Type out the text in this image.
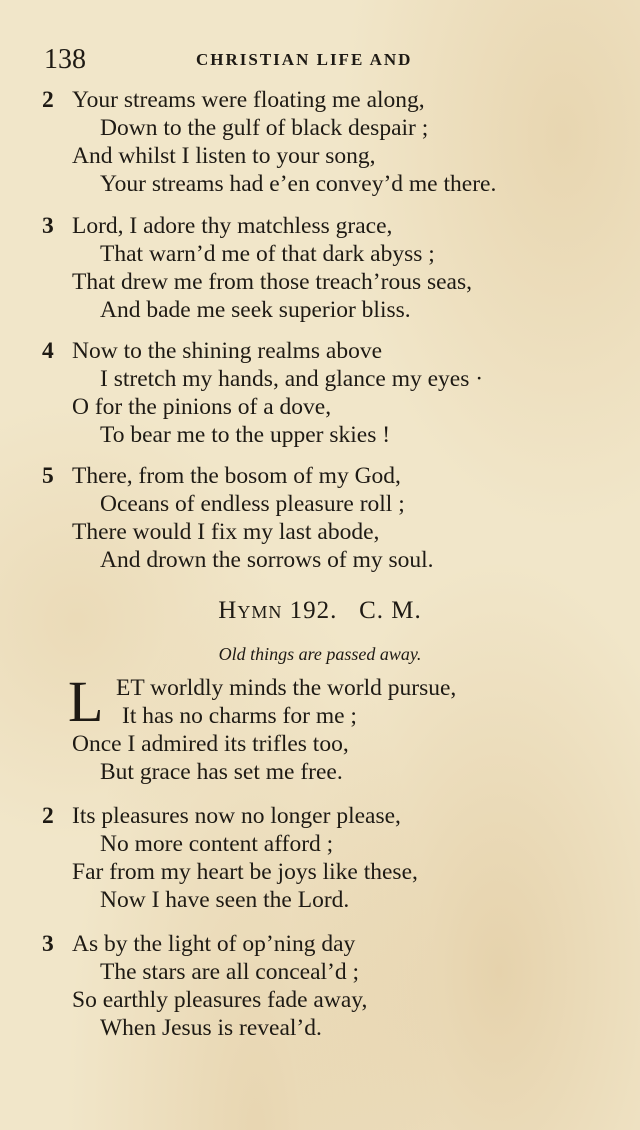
138	CHRISTIAN LIFE AND
2 Your streams were floating me along,
Down to the gulf of black despair ;
And whilst I listen to your song,
Your streams had e’en convey’d me there.
3 Lord, I adore thy matchless grace,
That warn’d me of that dark abyss ;
That drew me from those treach’rous seas,
And bade me seek superior bliss.
4 Now to the shining realms above
I stretch my hands, and glance my eyes ·
O for the pinions of a dove,
To bear me to the upper skies !
5 There, from the bosom of my God,
Oceans of endless pleasure roll ;
There would I fix my last abode,
And drown the sorrows of my soul.
Hymn 192. C. M.
Old things are passed away.
L ET worldly minds the world pursue,
It has no charms for me ;
Once I admired its trifles too,
But grace has set me free.
2 Its pleasures now no longer please,
No more content afford ;
Far from my heart be joys like these,
Now I have seen the Lord.
3 As by the light of op’ning day
The stars are all conceal’d ;
So earthly pleasures fade away,
When Jesus is reveal’d.
